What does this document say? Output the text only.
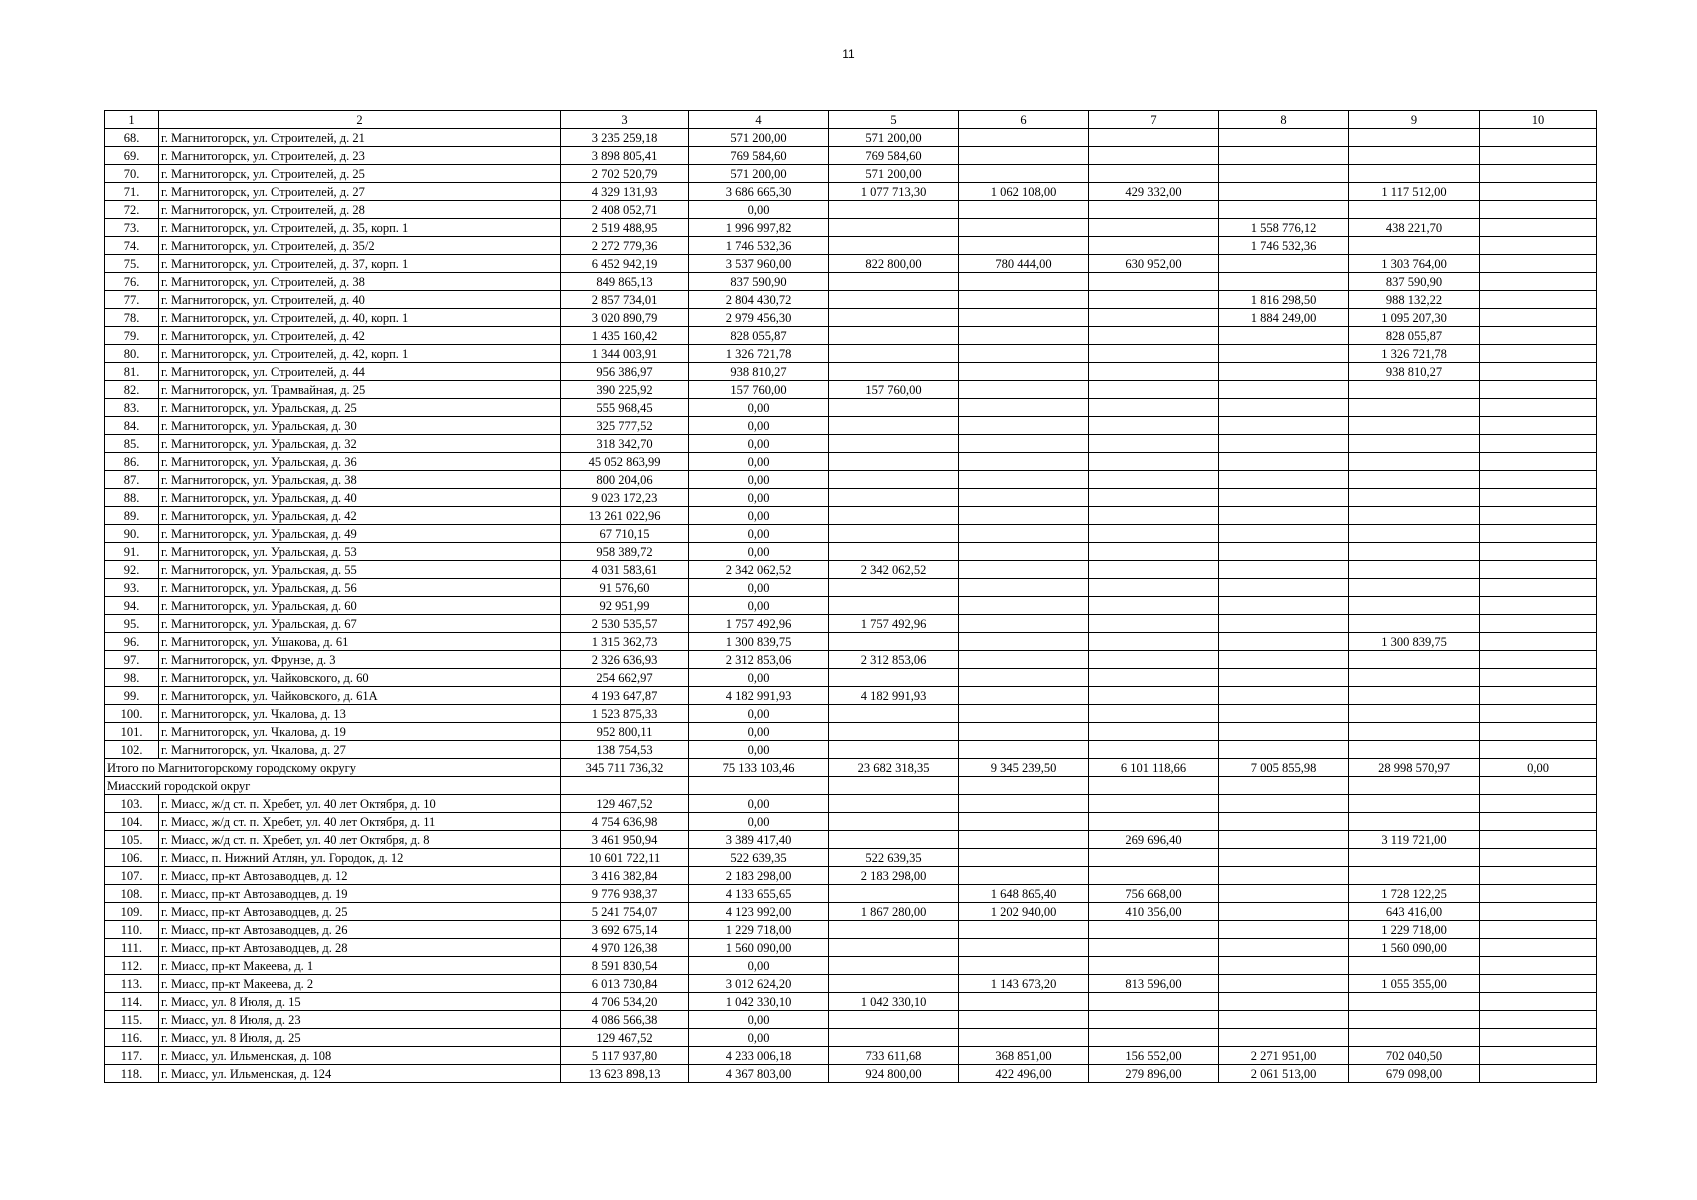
11
1	2	3	4	5	6	7	8	9	10
68.	г. Магнитогорск, ул. Строителей, д. 21	3 235 259,18	571 200,00	571 200,00					
69.	г. Магнитогорск, ул. Строителей, д. 23	3 898 805,41	769 584,60	769 584,60					
70.	г. Магнитогорск, ул. Строителей, д. 25	2 702 520,79	571 200,00	571 200,00					
71.	г. Магнитогорск, ул. Строителей, д. 27	4 329 131,93	3 686 665,30	1 077 713,30	1 062 108,00	429 332,00		1 117 512,00	
72.	г. Магнитогорск, ул. Строителей, д. 28	2 408 052,71	0,00						
73.	г. Магнитогорск, ул. Строителей, д. 35, корп. 1	2 519 488,95	1 996 997,82				1 558 776,12	438 221,70	
74.	г. Магнитогорск, ул. Строителей, д. 35/2	2 272 779,36	1 746 532,36				1 746 532,36		
75.	г. Магнитогорск, ул. Строителей, д. 37, корп. 1	6 452 942,19	3 537 960,00	822 800,00	780 444,00	630 952,00		1 303 764,00	
76.	г. Магнитогорск, ул. Строителей, д. 38	849 865,13	837 590,90					837 590,90	
77.	г. Магнитогорск, ул. Строителей, д. 40	2 857 734,01	2 804 430,72				1 816 298,50	988 132,22	
78.	г. Магнитогорск, ул. Строителей, д. 40, корп. 1	3 020 890,79	2 979 456,30				1 884 249,00	1 095 207,30	
79.	г. Магнитогорск, ул. Строителей, д. 42	1 435 160,42	828 055,87					828 055,87	
80.	г. Магнитогорск, ул. Строителей, д. 42, корп. 1	1 344 003,91	1 326 721,78					1 326 721,78	
81.	г. Магнитогорск, ул. Строителей, д. 44	956 386,97	938 810,27					938 810,27	
82.	г. Магнитогорск, ул. Трамвайная, д. 25	390 225,92	157 760,00	157 760,00					
83.	г. Магнитогорск, ул. Уральская, д. 25	555 968,45	0,00						
84.	г. Магнитогорск, ул. Уральская, д. 30	325 777,52	0,00						
85.	г. Магнитогорск, ул. Уральская, д. 32	318 342,70	0,00						
86.	г. Магнитогорск, ул. Уральская, д. 36	45 052 863,99	0,00						
87.	г. Магнитогорск, ул. Уральская, д. 38	800 204,06	0,00						
88.	г. Магнитогорск, ул. Уральская, д. 40	9 023 172,23	0,00						
89.	г. Магнитогорск, ул. Уральская, д. 42	13 261 022,96	0,00						
90.	г. Магнитогорск, ул. Уральская, д. 49	67 710,15	0,00						
91.	г. Магнитогорск, ул. Уральская, д. 53	958 389,72	0,00						
92.	г. Магнитогорск, ул. Уральская, д. 55	4 031 583,61	2 342 062,52	2 342 062,52					
93.	г. Магнитогорск, ул. Уральская, д. 56	91 576,60	0,00						
94.	г. Магнитогорск, ул. Уральская, д. 60	92 951,99	0,00						
95.	г. Магнитогорск, ул. Уральская, д. 67	2 530 535,57	1 757 492,96	1 757 492,96					
96.	г. Магнитогорск, ул. Ушакова, д. 61	1 315 362,73	1 300 839,75					1 300 839,75	
97.	г. Магнитогорск, ул. Фрунзе, д. 3	2 326 636,93	2 312 853,06	2 312 853,06					
98.	г. Магнитогорск, ул. Чайковского, д. 60	254 662,97	0,00						
99.	г. Магнитогорск, ул. Чайковского, д. 61А	4 193 647,87	4 182 991,93	4 182 991,93					
100.	г. Магнитогорск, ул. Чкалова, д. 13	1 523 875,33	0,00						
101.	г. Магнитогорск, ул. Чкалова, д. 19	952 800,11	0,00						
102.	г. Магнитогорск, ул. Чкалова, д. 27	138 754,53	0,00						
Итого по Магнитогорскому городскому округу		345 711 736,32	75 133 103,46	23 682 318,35	9 345 239,50	6 101 118,66	7 005 855,98	28 998 570,97	0,00
Миасский городской округ									
103.	г. Миасс, ж/д ст. п. Хребет, ул. 40 лет Октября, д. 10	129 467,52	0,00						
104.	г. Миасс, ж/д ст. п. Хребет, ул. 40 лет Октября, д. 11	4 754 636,98	0,00						
105.	г. Миасс, ж/д ст. п. Хребет, ул. 40 лет Октября, д. 8	3 461 950,94	3 389 417,40			269 696,40		3 119 721,00	
106.	г. Миасс, п. Нижний Атлян, ул. Городок, д. 12	10 601 722,11	522 639,35	522 639,35					
107.	г. Миасс, пр-кт Автозаводцев, д. 12	3 416 382,84	2 183 298,00	2 183 298,00					
108.	г. Миасс, пр-кт Автозаводцев, д. 19	9 776 938,37	4 133 655,65		1 648 865,40	756 668,00		1 728 122,25	
109.	г. Миасс, пр-кт Автозаводцев, д. 25	5 241 754,07	4 123 992,00	1 867 280,00	1 202 940,00	410 356,00		643 416,00	
110.	г. Миасс, пр-кт Автозаводцев, д. 26	3 692 675,14	1 229 718,00					1 229 718,00	
111.	г. Миасс, пр-кт Автозаводцев, д. 28	4 970 126,38	1 560 090,00					1 560 090,00	
112.	г. Миасс, пр-кт Макеева, д. 1	8 591 830,54	0,00						
113.	г. Миасс, пр-кт Макеева, д. 2	6 013 730,84	3 012 624,20		1 143 673,20	813 596,00		1 055 355,00	
114.	г. Миасс, ул. 8 Июля, д. 15	4 706 534,20	1 042 330,10	1 042 330,10					
115.	г. Миасс, ул. 8 Июля, д. 23	4 086 566,38	0,00						
116.	г. Миасс, ул. 8 Июля, д. 25	129 467,52	0,00						
117.	г. Миасс, ул. Ильменская, д. 108	5 117 937,80	4 233 006,18	733 611,68	368 851,00	156 552,00	2 271 951,00	702 040,50	
118.	г. Миасс, ул. Ильменская, д. 124	13 623 898,13	4 367 803,00	924 800,00	422 496,00	279 896,00	2 061 513,00	679 098,00	
